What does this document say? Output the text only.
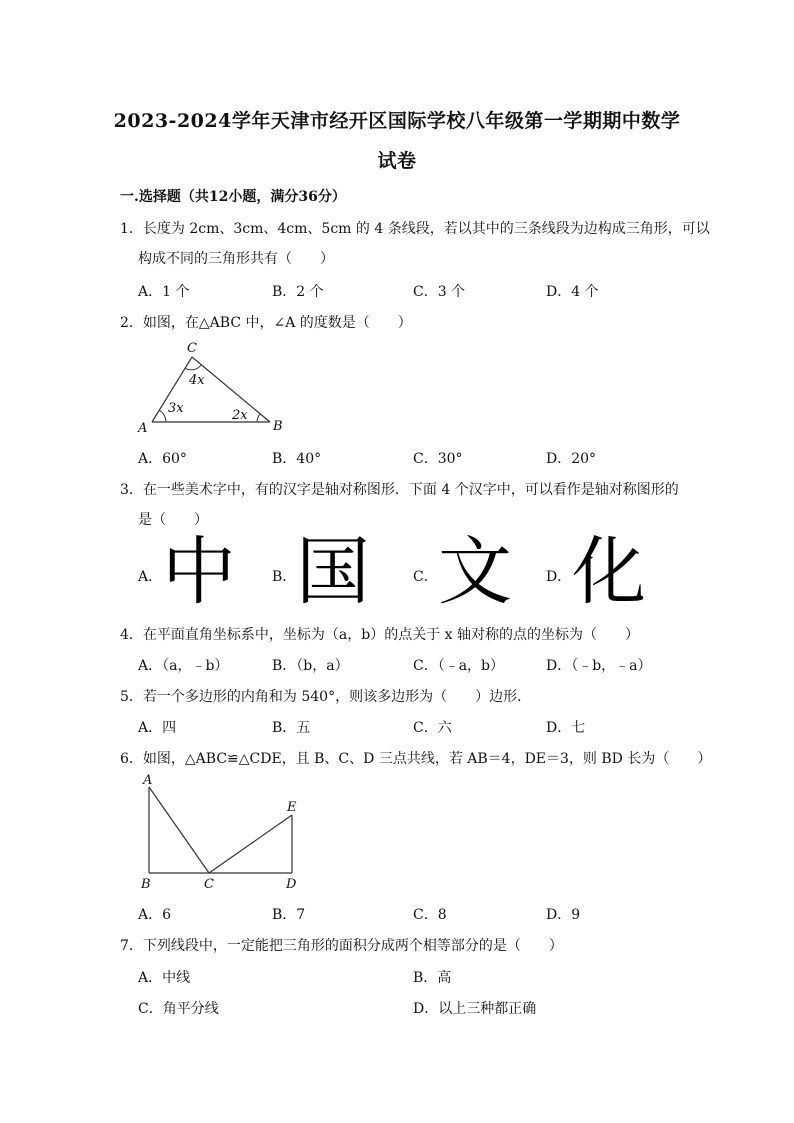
2023-2024学年天津市经开区国际学校八年级第一学期期中数学
试卷
一.选择题（共12小题，满分36分）
1．长度为 2cm、3cm、4cm、5cm 的 4 条线段，若以其中的三条线段为边构成三角形，可以
构成不同的三角形共有（　　）
A．1 个	B．2 个	C．3 个	D．4 个
2．如图，在△ABC 中，∠A 的度数是（　　）
A	B
C
3x	2x
4x
A．60°	B．40°	C．30°	D．20°
3．在一些美术字中，有的汉字是轴对称图形．下面 4 个汉字中，可以看作是轴对称图形的
是（　　）
A． 中	B． 国	C． 文 D． 化
4．在平面直角坐标系中，坐标为（a，b）的点关于 x 轴对称的点的坐标为（　　）
A．（a，﹣b）	B．（b，a）	C．（﹣a，b）	D．（﹣b，﹣a）
5．若一个多边形的内角和为 540°，则该多边形为（　　）边形．
A．四	B．五	C．六	D．七
6．如图，△ABC≌△CDE，且 B、C、D 三点共线，若 AB＝4，DE＝3，则 BD 长为（　　）
A
B	C	D
E
A．6	B．7	C．8	D．9
7．下列线段中，一定能把三角形的面积分成两个相等部分的是（　　）
A．中线	B．高
C．角平分线	D．以上三种都正确
